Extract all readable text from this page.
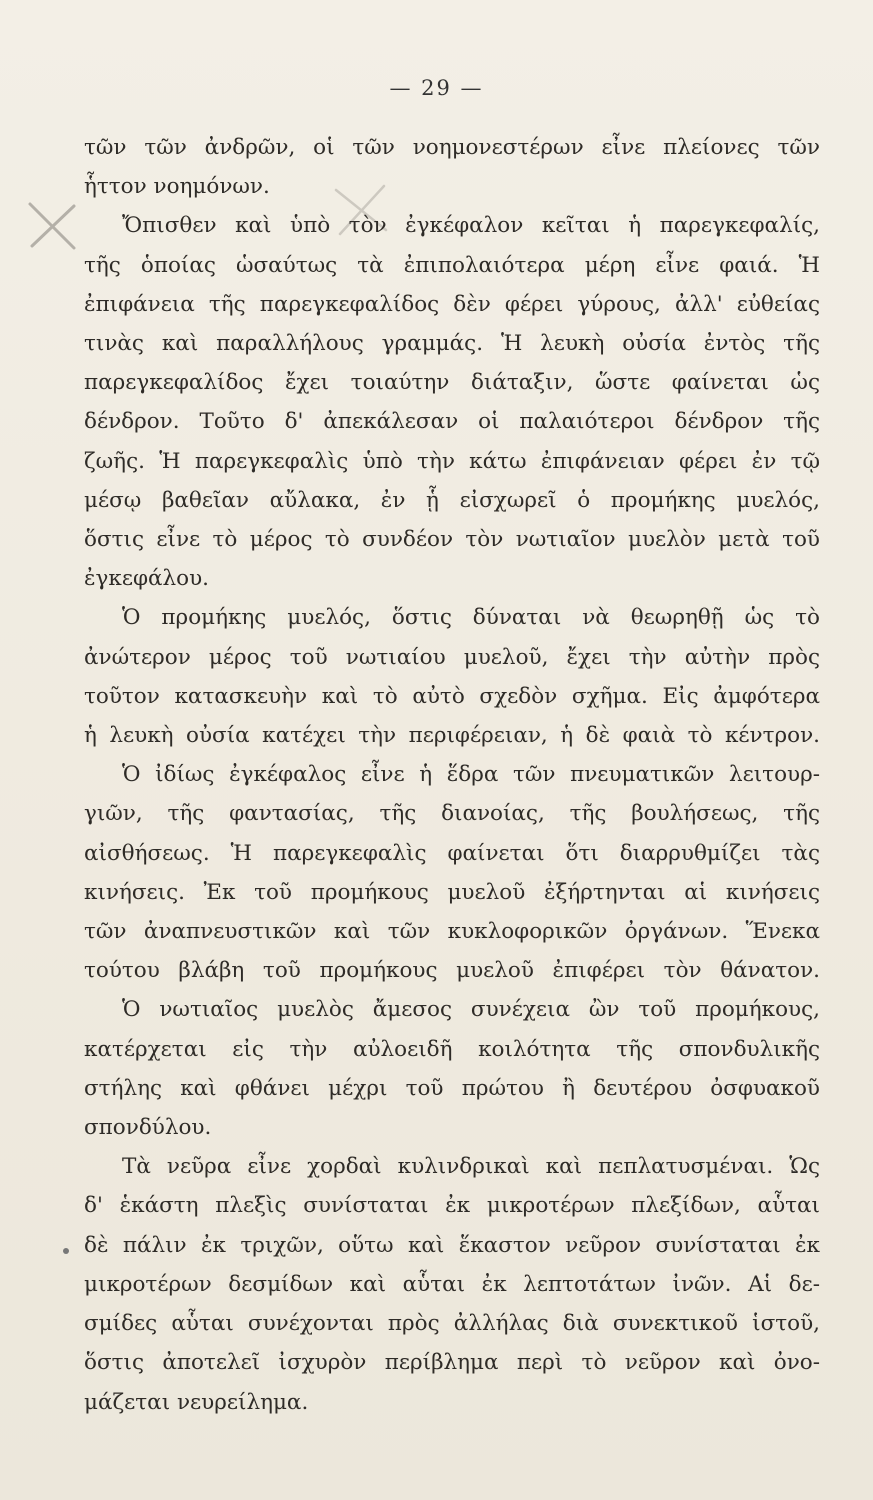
— 29 —
τῶν τῶν ἀνδρῶν, οἱ τῶν νοημονεστέρων εἶνε πλείονες τῶν
ἧττον νοημόνων.
Ὄπισθεν καὶ ὑπὸ τὸν ἐγκέφαλον κεῖται ἡ παρεγκεφαλίς,
τῆς ὁποίας ὡσαύτως τὰ ἐπιπολαιότερα μέρη εἶνε φαιά. Ἡ
ἐπιφάνεια τῆς παρεγκεφαλίδος δὲν φέρει γύρους, ἀλλ' εὐθείας
τινὰς καὶ παραλλήλους γραμμάς. Ἡ λευκὴ οὐσία ἐντὸς τῆς
παρεγκεφαλίδος ἔχει τοιαύτην διάταξιν, ὥστε φαίνεται ὡς
δένδρον. Τοῦτο δ' ἀπεκάλεσαν οἱ παλαιότεροι δένδρον τῆς
ζωῆς. Ἡ παρεγκεφαλὶς ὑπὸ τὴν κάτω ἐπιφάνειαν φέρει ἐν τῷ
μέσῳ βαθεῖαν αὔλακα, ἐν ᾗ εἰσχωρεῖ ὁ προμήκης μυελός,
ὅστις εἶνε τὸ μέρος τὸ συνδέον τὸν νωτιαῖον μυελὸν μετὰ τοῦ
ἐγκεφάλου.
Ὁ προμήκης μυελός, ὅστις δύναται νὰ θεωρηθῇ ὡς τὸ
ἀνώτερον μέρος τοῦ νωτιαίου μυελοῦ, ἔχει τὴν αὐτὴν πρὸς
τοῦτον κατασκευὴν καὶ τὸ αὐτὸ σχεδὸν σχῆμα. Εἰς ἀμφότερα
ἡ λευκὴ οὐσία κατέχει τὴν περιφέρειαν, ἡ δὲ φαιὰ τὸ κέντρον.
Ὁ ἰδίως ἐγκέφαλος εἶνε ἡ ἕδρα τῶν πνευματικῶν λειτουρ-
γιῶν, τῆς φαντασίας, τῆς διανοίας, τῆς βουλήσεως, τῆς
αἰσθήσεως. Ἡ παρεγκεφαλὶς φαίνεται ὅτι διαρρυθμίζει τὰς
κινήσεις. Ἐκ τοῦ προμήκους μυελοῦ ἐξήρτηνται αἱ κινήσεις
τῶν ἀναπνευστικῶν καὶ τῶν κυκλοφορικῶν ὀργάνων. Ἕνεκα
τούτου βλάβη τοῦ προμήκους μυελοῦ ἐπιφέρει τὸν θάνατον.
Ὁ νωτιαῖος μυελὸς ἄμεσος συνέχεια ὢν τοῦ προμήκους,
κατέρχεται εἰς τὴν αὐλοειδῆ κοιλότητα τῆς σπονδυλικῆς
στήλης καὶ φθάνει μέχρι τοῦ πρώτου ἢ δευτέρου ὀσφυακοῦ
σπονδύλου.
Τὰ νεῦρα εἶνε χορδαὶ κυλινδρικαὶ καὶ πεπλατυσμέναι. Ὡς
δ' ἑκάστη πλεξὶς συνίσταται ἐκ μικροτέρων πλεξίδων, αὗται
δὲ πάλιν ἐκ τριχῶν, οὕτω καὶ ἕκαστον νεῦρον συνίσταται ἐκ
μικροτέρων δεσμίδων καὶ αὗται ἐκ λεπτοτάτων ἰνῶν. Αἱ δε-
σμίδες αὗται συνέχονται πρὸς ἀλλήλας διὰ συνεκτικοῦ ἱστοῦ,
ὅστις ἀποτελεῖ ἰσχυρὸν περίβλημα περὶ τὸ νεῦρον καὶ ὀνο-
μάζεται νευρείλημα.
